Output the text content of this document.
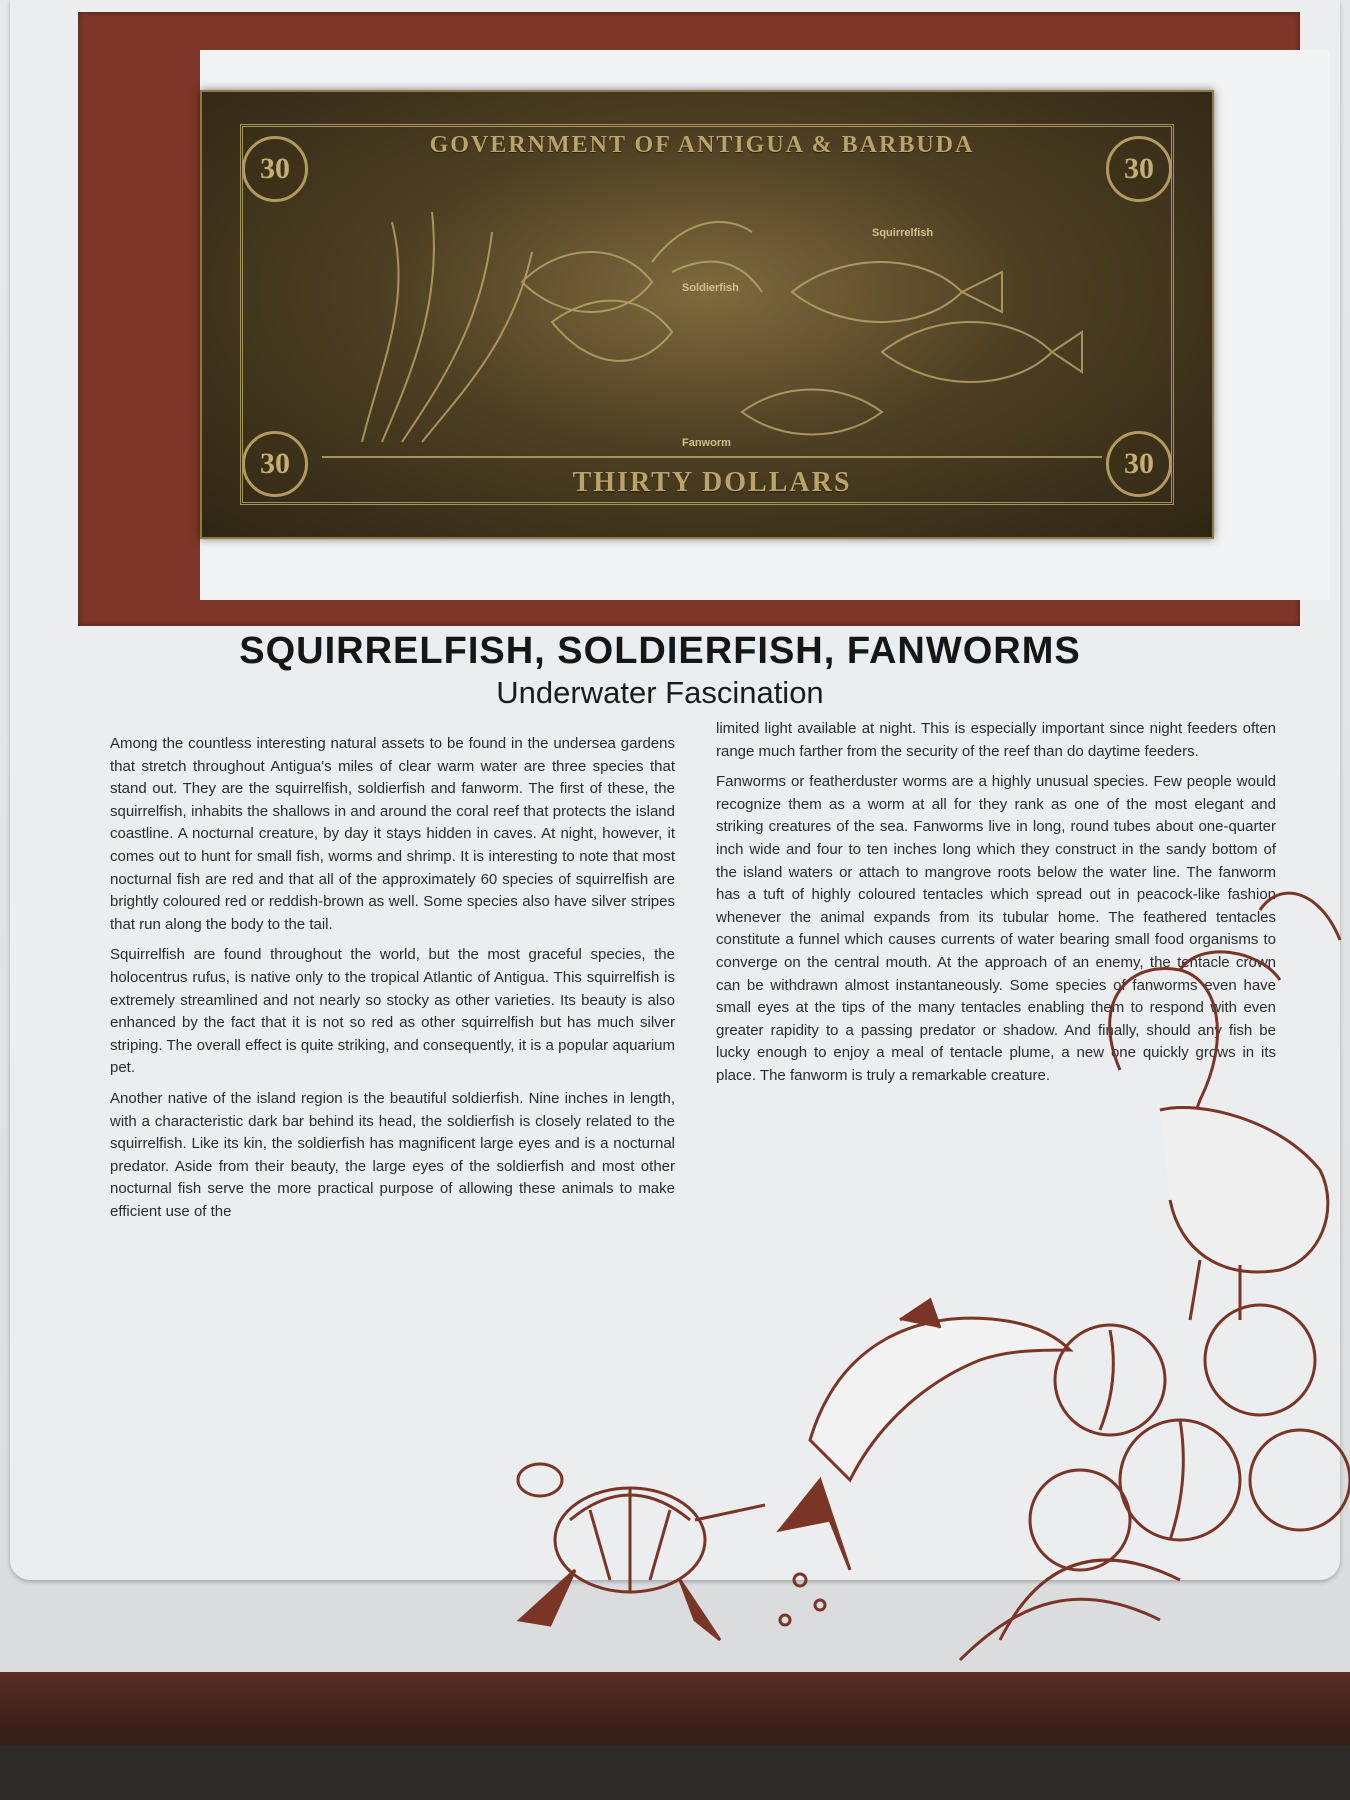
GOVERNMENT OF ANTIGUA & BARBUDA
30	30
30	30
Squirrelfish
Soldierfish
Fanworm
THIRTY DOLLARS
SQUIRRELFISH, SOLDIERFISH, FANWORMS
Underwater Fascination

Among the countless interesting natural assets to be found in the undersea gardens that stretch throughout Antigua's miles of clear warm water are three species that stand out. They are the squirrelfish, soldierfish and fanworm. The first of these, the squirrelfish, inhabits the shallows in and around the coral reef that protects the island coastline. A nocturnal creature, by day it stays hidden in caves. At night, however, it comes out to hunt for small fish, worms and shrimp. It is interesting to note that most nocturnal fish are red and that all of the approximately 60 species of squirrelfish are brightly coloured red or reddish-brown as well. Some species also have silver stripes that run along the body to the tail.

Squirrelfish are found throughout the world, but the most graceful species, the holocentrus rufus, is native only to the tropical Atlantic of Antigua. This squirrelfish is extremely streamlined and not nearly so stocky as other varieties. Its beauty is also enhanced by the fact that it is not so red as other squirrelfish but has much silver striping. The overall effect is quite striking, and consequently, it is a popular aquarium pet.

Another native of the island region is the beautiful soldierfish. Nine inches in length, with a characteristic dark bar behind its head, the soldierfish is closely related to the squirrelfish. Like its kin, the soldierfish has magnificent large eyes and is a nocturnal predator. Aside from their beauty, the large eyes of the soldierfish and most other nocturnal fish serve the more practical purpose of allowing these animals to make efficient use of the

limited light available at night. This is especially important since night feeders often range much farther from the security of the reef than do daytime feeders.

Fanworms or featherduster worms are a highly unusual species. Few people would recognize them as a worm at all for they rank as one of the most elegant and striking creatures of the sea. Fanworms live in long, round tubes about one-quarter inch wide and four to ten inches long which they construct in the sandy bottom of the island waters or attach to mangrove roots below the water line. The fanworm has a tuft of highly coloured tentacles which spread out in peacock-like fashion whenever the animal expands from its tubular home. The feathered tentacles constitute a funnel which causes currents of water bearing small food organisms to converge on the central mouth. At the approach of an enemy, the tentacle crown can be withdrawn almost instantaneously. Some species of fanworms even have small eyes at the tips of the many tentacles enabling them to respond with even greater rapidity to a passing predator or shadow. And finally, should any fish be lucky enough to enjoy a meal of tentacle plume, a new one quickly grows in its place. The fanworm is truly a remarkable creature.
